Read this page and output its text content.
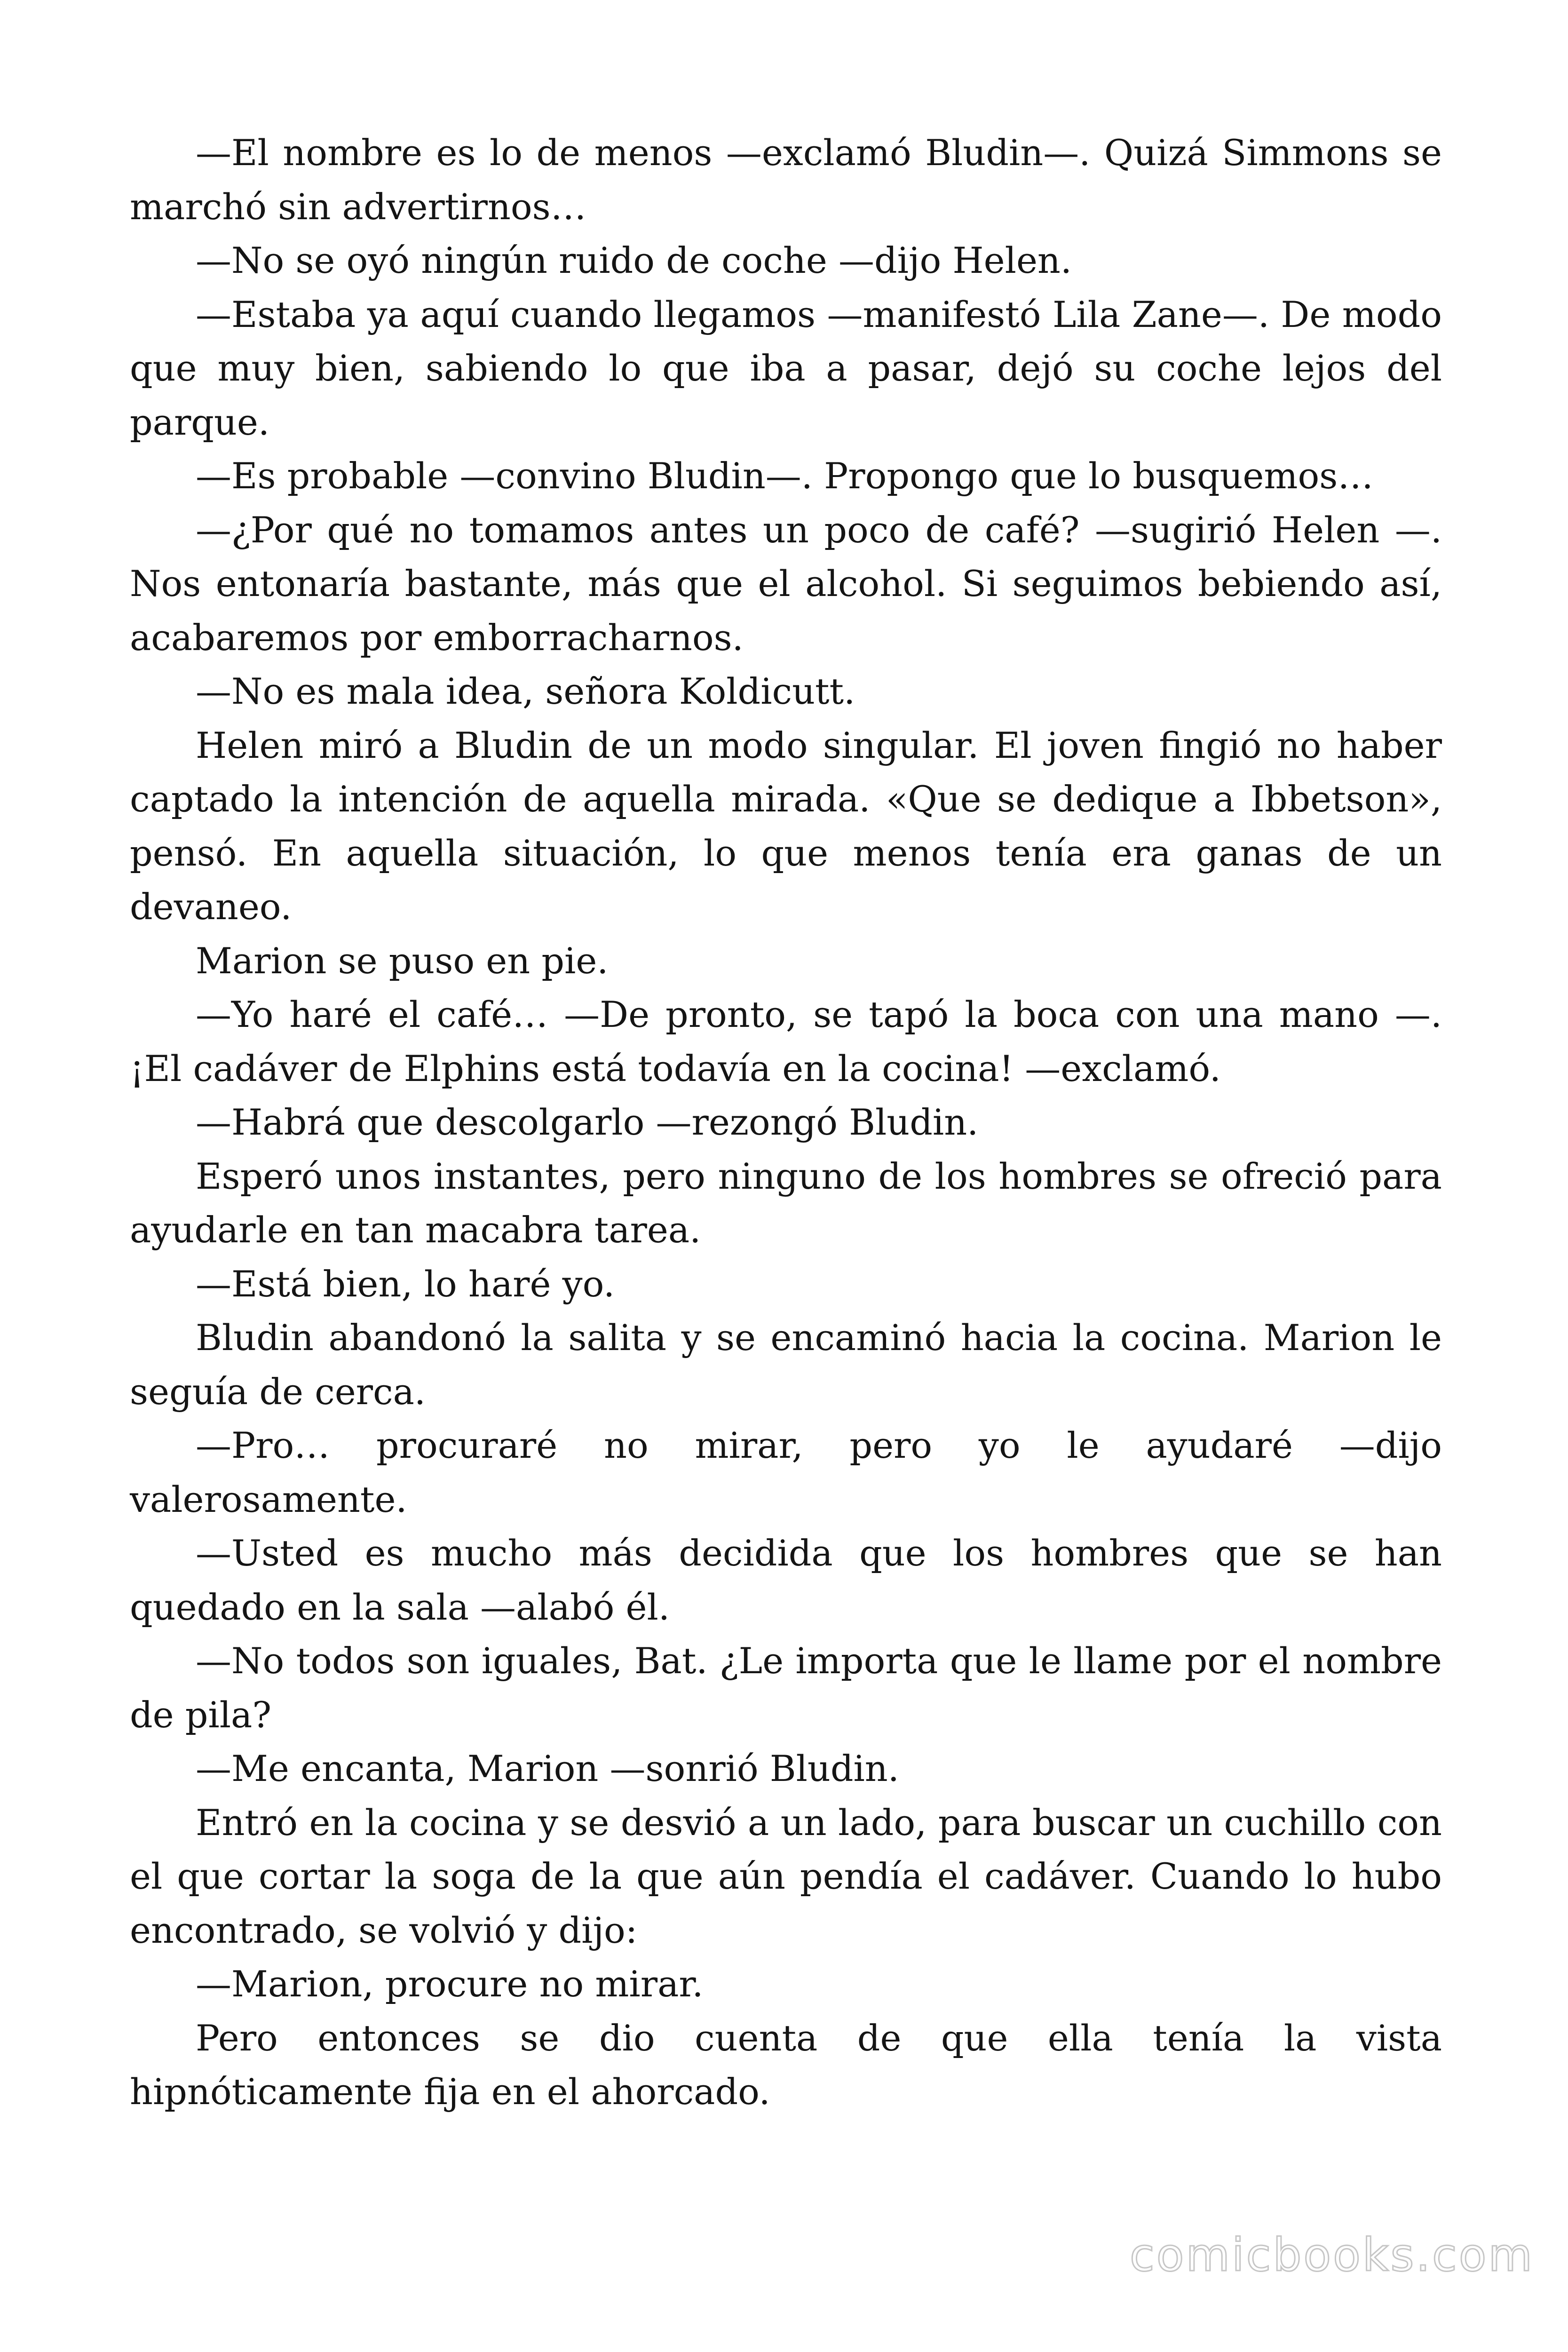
—El nombre es lo de menos —exclamó Bludin—. Quizá Simmons se marchó sin advertirnos…

—No se oyó ningún ruido de coche —dijo Helen.

—Estaba ya aquí cuando llegamos —manifestó Lila Zane—. De modo que muy bien, sabiendo lo que iba a pasar, dejó su coche lejos del parque.

—Es probable —convino Bludin—. Propongo que lo busquemos…

—¿Por qué no tomamos antes un poco de café? —sugirió Helen —. Nos entonaría bastante, más que el alcohol. Si seguimos bebiendo así, acabaremos por emborracharnos.

—No es mala idea, señora Koldicutt.

Helen miró a Bludin de un modo singular. El joven fingió no haber captado la intención de aquella mirada. «Que se dedique a Ibbetson», pensó. En aquella situación, lo que menos tenía era ganas de un devaneo.

Marion se puso en pie.

—Yo haré el café… —De pronto, se tapó la boca con una mano —. ¡El cadáver de Elphins está todavía en la cocina! —exclamó.

—Habrá que descolgarlo —rezongó Bludin.

Esperó unos instantes, pero ninguno de los hombres se ofreció para ayudarle en tan macabra tarea.

—Está bien, lo haré yo.

Bludin abandonó la salita y se encaminó hacia la cocina. Marion le seguía de cerca.

—Pro… procuraré no mirar, pero yo le ayudaré —dijo valerosamente.

—Usted es mucho más decidida que los hombres que se han quedado en la sala —alabó él.

—No todos son iguales, Bat. ¿Le importa que le llame por el nombre de pila?

—Me encanta, Marion —sonrió Bludin.

Entró en la cocina y se desvió a un lado, para buscar un cuchillo con el que cortar la soga de la que aún pendía el cadáver. Cuando lo hubo encontrado, se volvió y dijo:

—Marion, procure no mirar.

Pero entonces se dio cuenta de que ella tenía la vista hipnóticamente fija en el ahorcado.

comicbooks.com
